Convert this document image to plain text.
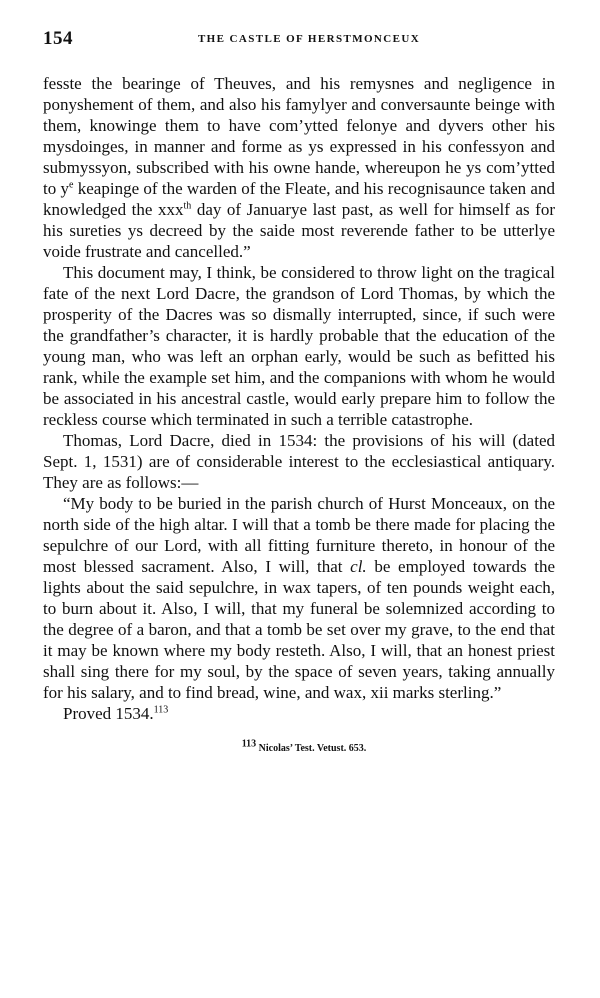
154	THE CASTLE OF HERSTMONCEUX

fesste the bearinge of Theuves, and his remysnes and negligence in ponyshement of them, and also his famylyer and conversaunte beinge with them, knowinge them to have com’ytted felonye and dyvers other his mysdoinges, in manner and forme as ys expressed in his confessyon and submyssyon, subscribed with his owne hande, whereupon he ys com’ytted to $y^e$ keapinge of the warden of the Fleate, and his recognisaunce taken and knowledged the xxx$^{th}$ day of Januarye last past, as well for himself as for his sureties ys decreed by the saide most reverende father to be utterlye voide frustrate and cancelled.”

This document may, I think, be considered to throw light on the tragical fate of the next Lord Dacre, the grandson of Lord Thomas, by which the prosperity of the Dacres was so dismally interrupted, since, if such were the grandfather’s character, it is hardly probable that the education of the young man, who was left an orphan early, would be such as befitted his rank, while the example set him, and the companions with whom he would be associated in his ancestral castle, would early prepare him to follow the reckless course which terminated in such a terrible catastrophe.

Thomas, Lord Dacre, died in 1534: the provisions of his will (dated Sept. 1, 1531) are of considerable interest to the ecclesiastical antiquary. They are as follows:—

“My body to be buried in the parish church of Hurst Monceaux, on the north side of the high altar. I will that a tomb be there made for placing the sepulchre of our Lord, with all fitting furniture thereto, in honour of the most blessed sacrament. Also, I will, that cl. be employed towards the lights about the said sepulchre, in wax tapers, of ten pounds weight each, to burn about it. Also, I will, that my funeral be solemnized according to the degree of a baron, and that a tomb be set over my grave, to the end that it may be known where my body resteth. Also, I will, that an honest priest shall sing there for my soul, by the space of seven years, taking annually for his salary, and to find bread, wine, and wax, xii marks sterling.”

Proved 1534.$^{113}$

$^{113}$ Nicolas’ Test. Vetust. 653.
